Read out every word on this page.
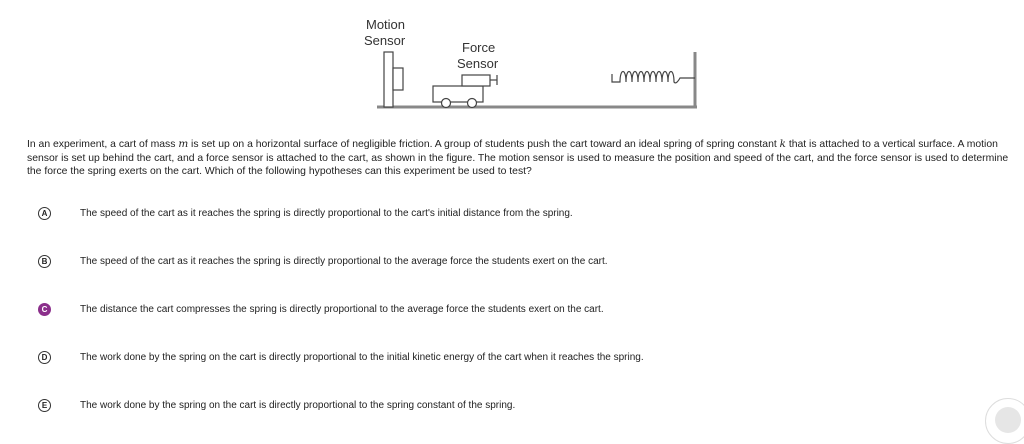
Motion
Sensor	Force
Sensor
In an experiment, a cart of mass m is set up on a horizontal surface of negligible friction. A group of students push the cart toward an ideal spring of spring constant k that is attached to a vertical surface. A motion sensor is set up behind the cart, and a force sensor is attached to the cart, as shown in the figure. The motion sensor is used to measure the position and speed of the cart, and the force sensor is used to determine the force the spring exerts on the cart. Which of the following hypotheses can this experiment be used to test?
A	The speed of the cart as it reaches the spring is directly proportional to the cart's initial distance from the spring.
B	The speed of the cart as it reaches the spring is directly proportional to the average force the students exert on the cart.
C	The distance the cart compresses the spring is directly proportional to the average force the students exert on the cart.
D	The work done by the spring on the cart is directly proportional to the initial kinetic energy of the cart when it reaches the spring.
E	The work done by the spring on the cart is directly proportional to the spring constant of the spring.
